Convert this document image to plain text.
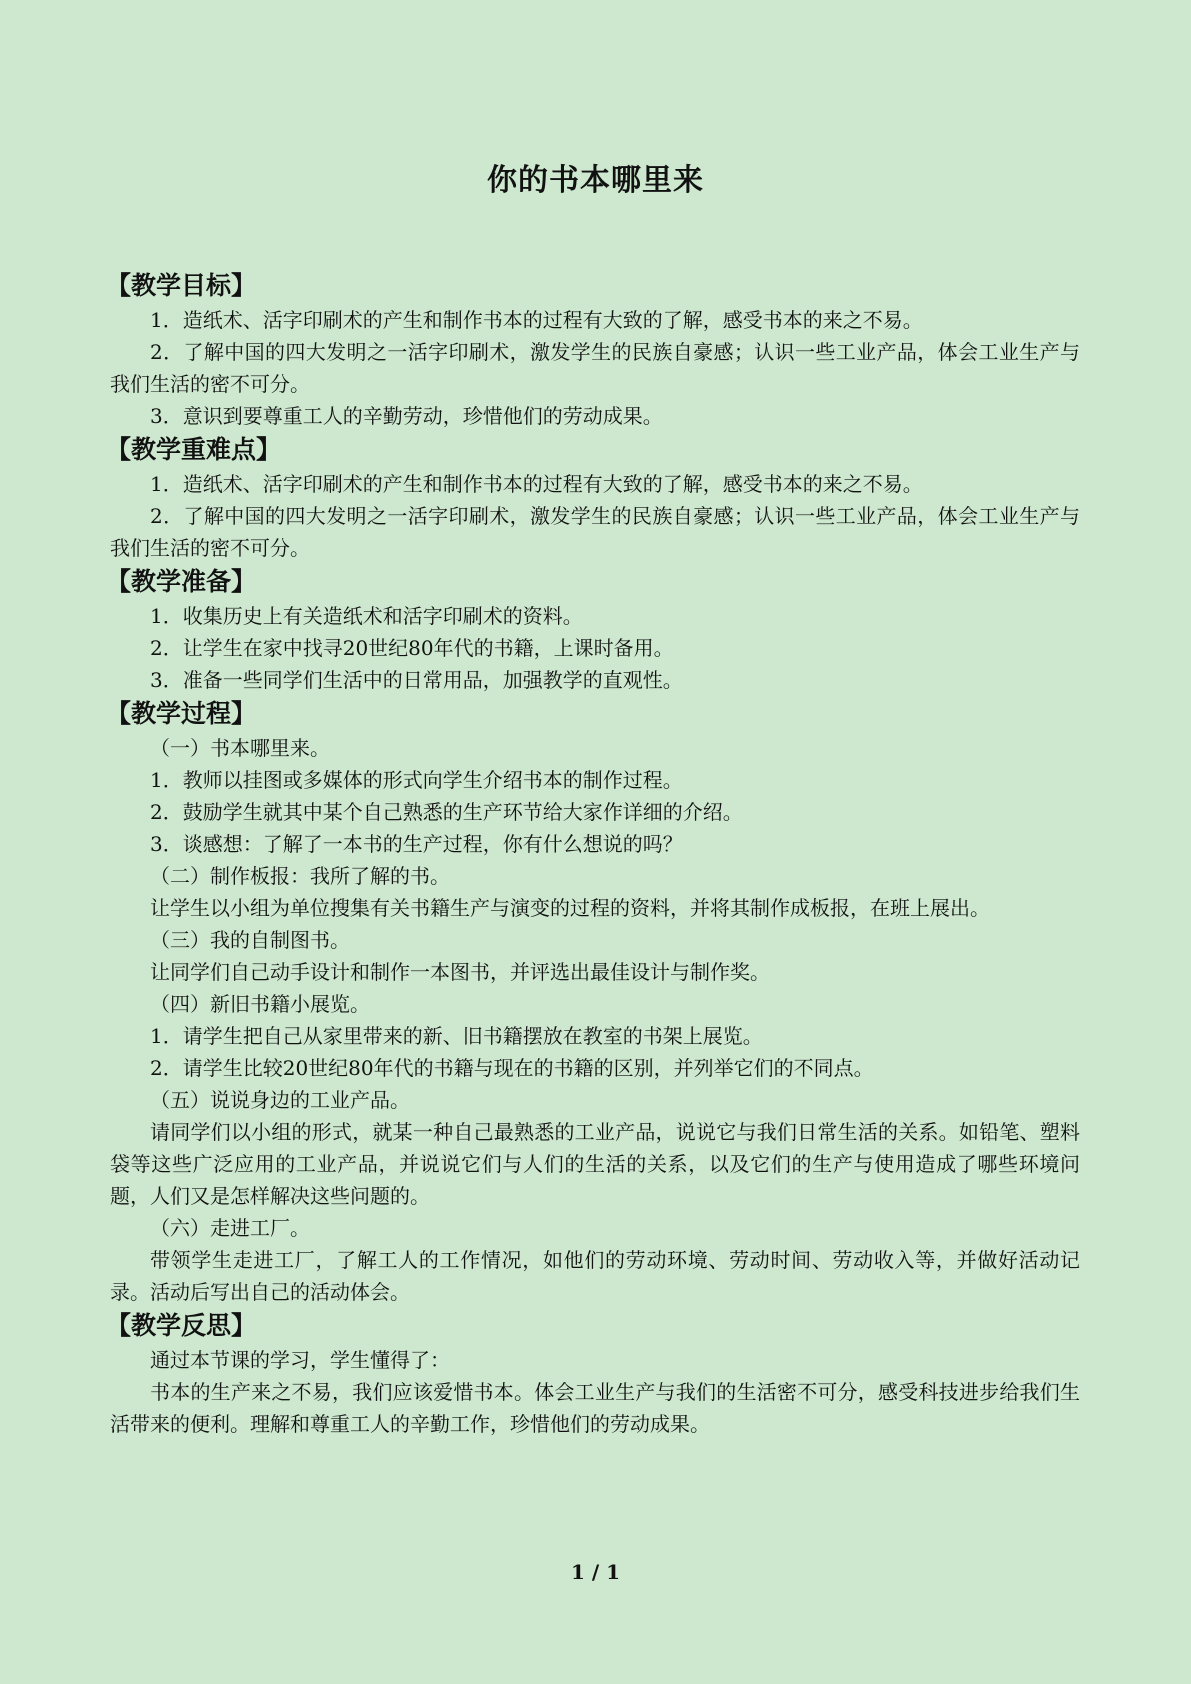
你的书本哪里来
【教学目标】

1．造纸术、活字印刷术的产生和制作书本的过程有大致的了解，感受书本的来之不易。

2．了解中国的四大发明之一活字印刷术，激发学生的民族自豪感；认识一些工业产品，体会工业生产与我们生活的密不可分。

3．意识到要尊重工人的辛勤劳动，珍惜他们的劳动成果。

【教学重难点】

1．造纸术、活字印刷术的产生和制作书本的过程有大致的了解，感受书本的来之不易。

2．了解中国的四大发明之一活字印刷术，激发学生的民族自豪感；认识一些工业产品，体会工业生产与我们生活的密不可分。

【教学准备】

1．收集历史上有关造纸术和活字印刷术的资料。

2．让学生在家中找寻20世纪80年代的书籍，上课时备用。

3．准备一些同学们生活中的日常用品，加强教学的直观性。

【教学过程】

（一）书本哪里来。

1．教师以挂图或多媒体的形式向学生介绍书本的制作过程。

2．鼓励学生就其中某个自己熟悉的生产环节给大家作详细的介绍。

3．谈感想：了解了一本书的生产过程，你有什么想说的吗？

（二）制作板报：我所了解的书。

让学生以小组为单位搜集有关书籍生产与演变的过程的资料，并将其制作成板报，在班上展出。

（三）我的自制图书。

让同学们自己动手设计和制作一本图书，并评选出最佳设计与制作奖。

（四）新旧书籍小展览。

1．请学生把自己从家里带来的新、旧书籍摆放在教室的书架上展览。

2．请学生比较20世纪80年代的书籍与现在的书籍的区别，并列举它们的不同点。

（五）说说身边的工业产品。

请同学们以小组的形式，就某一种自己最熟悉的工业产品，说说它与我们日常生活的关系。如铅笔、塑料袋等这些广泛应用的工业产品，并说说它们与人们的生活的关系，以及它们的生产与使用造成了哪些环境问题，人们又是怎样解决这些问题的。

（六）走进工厂。

带领学生走进工厂，了解工人的工作情况，如他们的劳动环境、劳动时间、劳动收入等，并做好活动记录。活动后写出自己的活动体会。

【教学反思】

通过本节课的学习，学生懂得了：

书本的生产来之不易，我们应该爱惜书本。体会工业生产与我们的生活密不可分，感受科技进步给我们生活带来的便利。理解和尊重工人的辛勤工作，珍惜他们的劳动成果。

1 / 1
